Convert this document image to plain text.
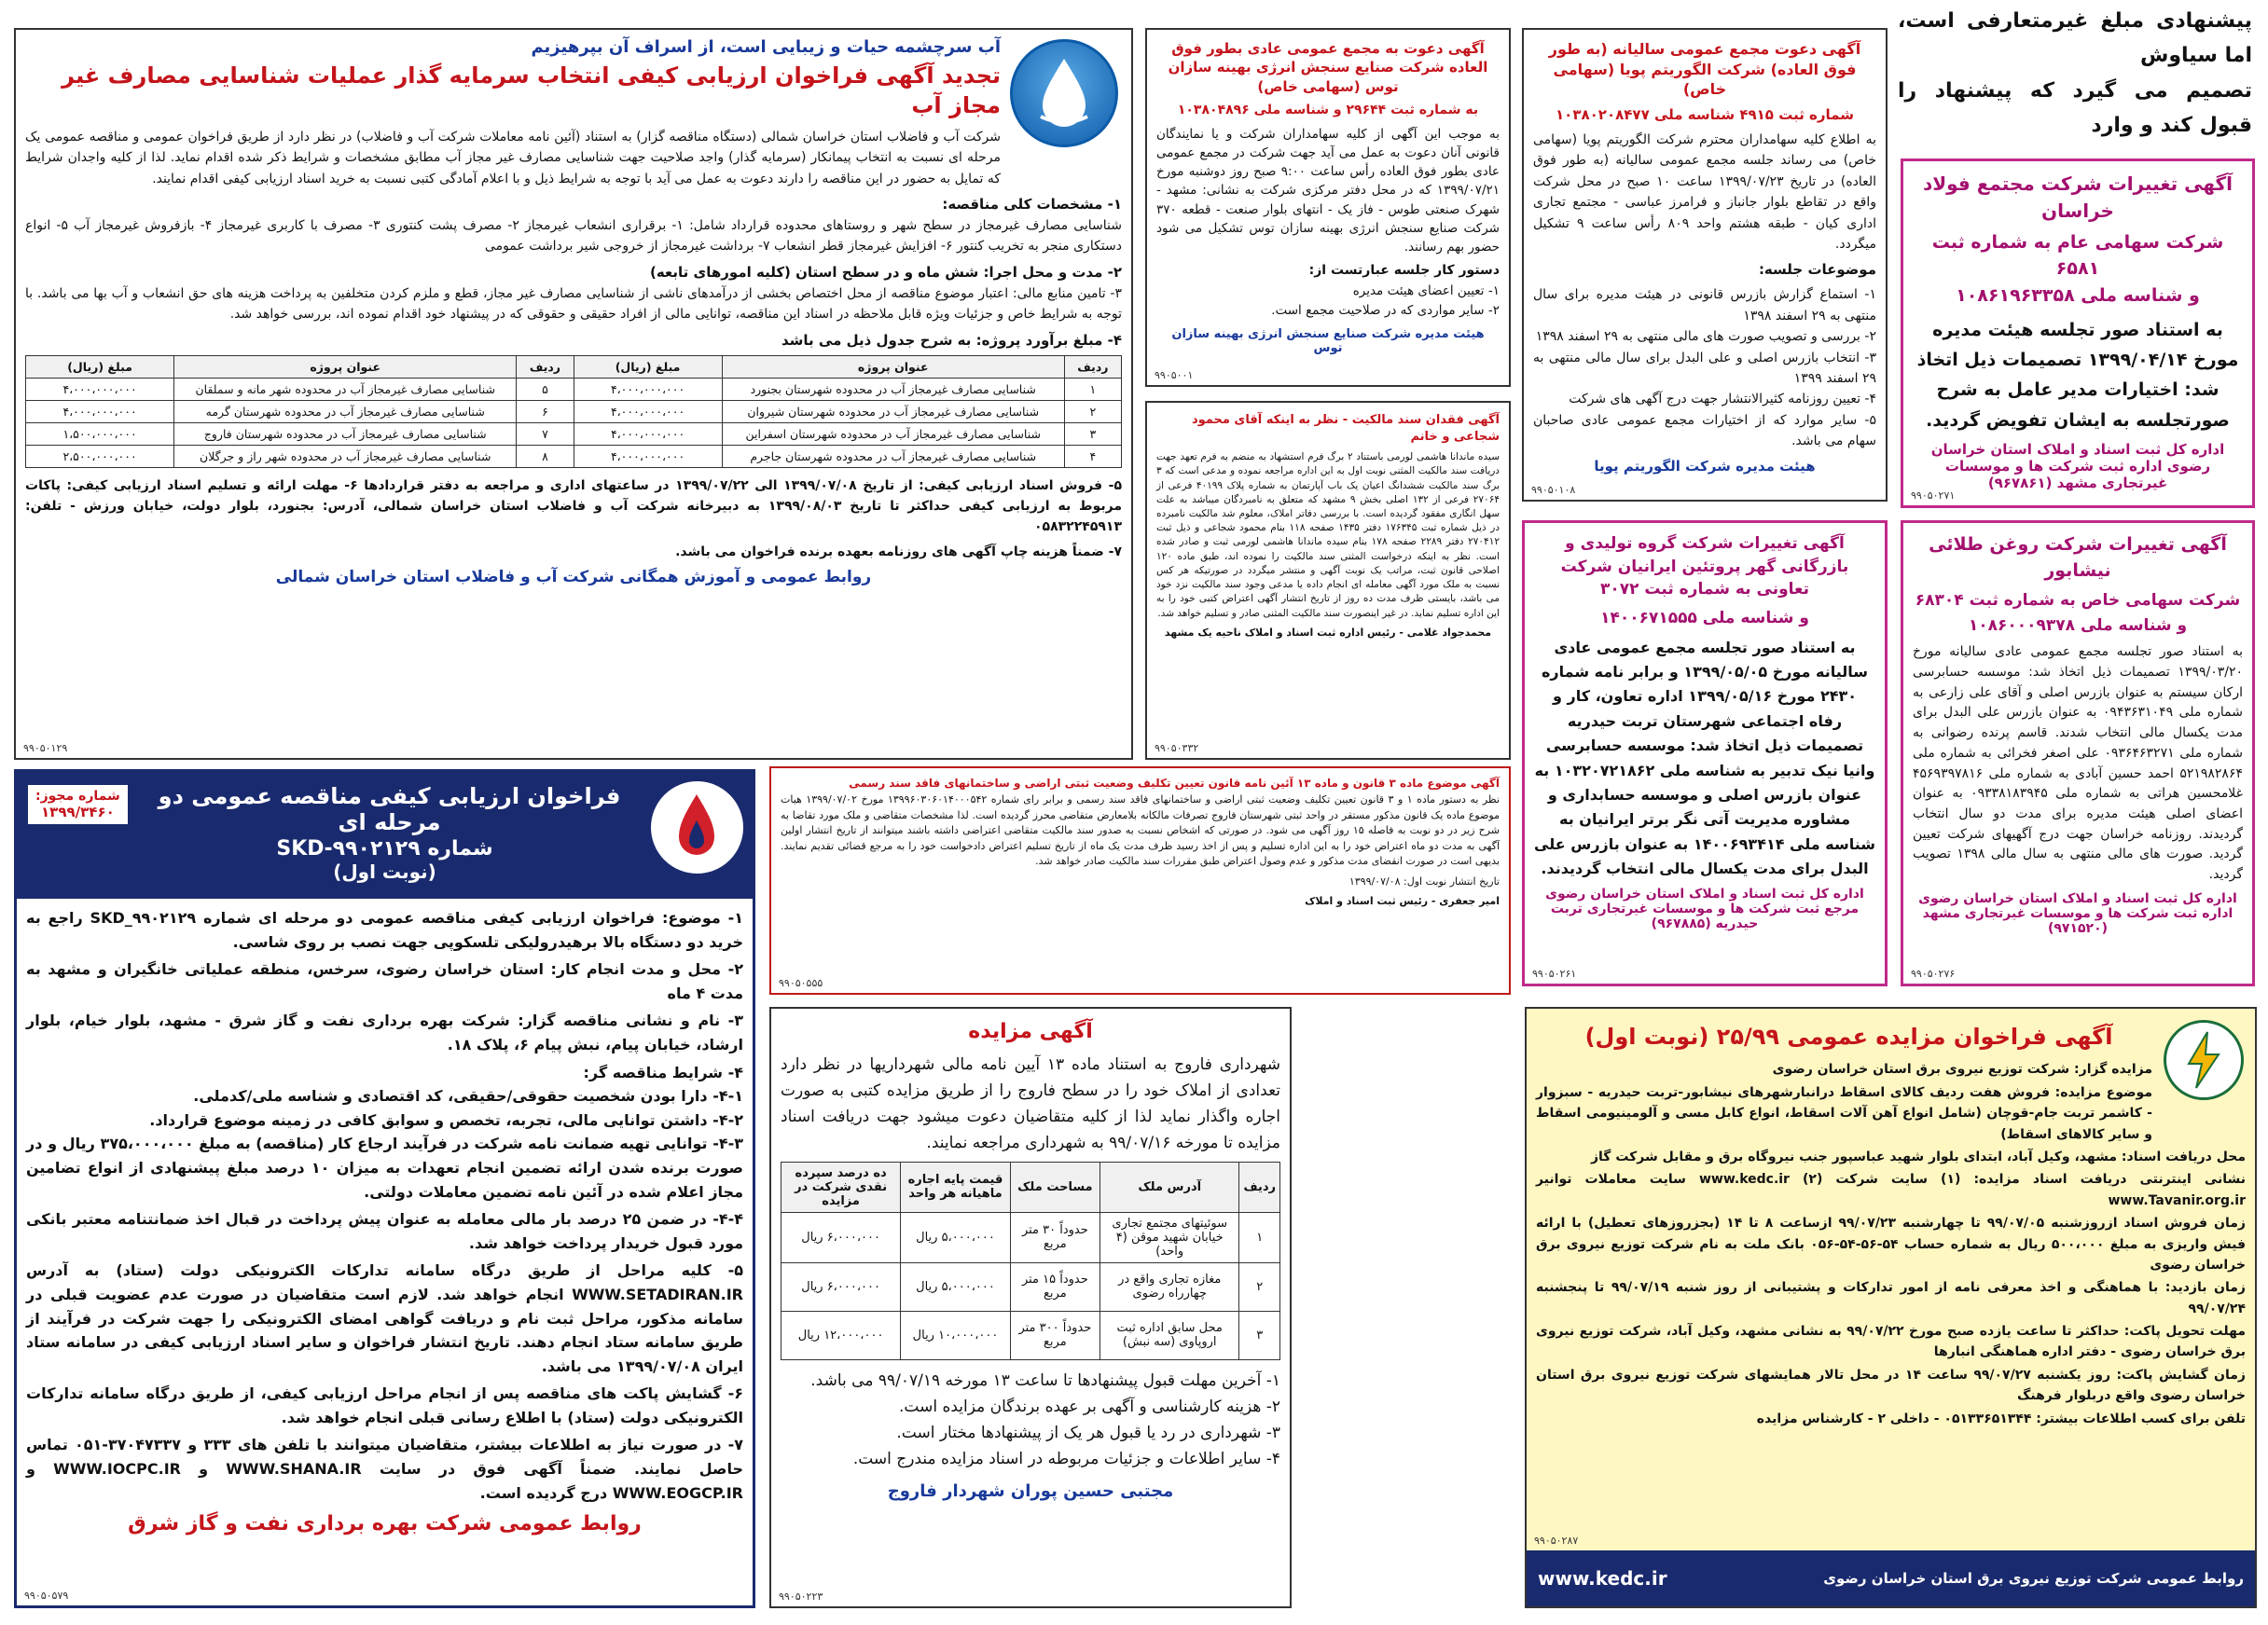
پیشنهادی مبلغ غیرمتعارفی است، اما سیاوش

تصمیم می گیرد که پیشنهاد را قبول کند و وارد

آگهی تغییرات شرکت مجتمع فولاد خراسان
شرکت سهامی عام به شماره ثبت ۶۵۸۱
و شناسه ملی ۱۰۸۶۱۹۶۳۳۵۸

به استناد صور تجلسه هیئت مدیره مورخ ۱۳۹۹/۰۴/۱۴ تصمیمات ذیل اتخاذ شد: اختیارات مدیر عامل به شرح صورتجلسه به ایشان تفویض گردید.

اداره کل ثبت اسناد و املاک استان خراسان رضوی اداره ثبت شرکت ها و موسسات غیرتجاری مشهد (۹۶۷۸۶۱)
۹۹۰۵۰۲۷۱
آگهی تغییرات شرکت روغن طلائی نیشابور
شرکت سهامی خاص به شماره ثبت ۶۸۳۰۴
و شناسه ملی ۱۰۸۶۰۰۰۹۳۷۸

به استناد صور تجلسه مجمع عمومی عادی سالیانه مورخ ۱۳۹۹/۰۳/۲۰ تصمیمات ذیل اتخاذ شد: موسسه حسابرسی ارکان سیستم به عنوان بازرس اصلی و آقای علی زارعی به شماره ملی ۰۹۴۳۶۳۱۰۴۹ به عنوان بازرس علی البدل برای مدت یکسال مالی انتخاب شدند. قاسم پرنده رضوانی به شماره ملی ۰۹۳۶۴۶۳۲۷۱ علی اصغر فخرائی به شماره ملی ۵۲۱۹۸۲۸۶۴ احمد حسین آبادی به شماره ملی ۴۵۶۹۳۹۷۸۱۶ غلامحسین هراتی به شماره ملی ۰۹۳۳۸۱۸۳۹۴۵ به عنوان اعضای اصلی هیئت مدیره برای مدت دو سال انتخاب گردیدند. روزنامه خراسان جهت درج آگهیهای شرکت تعیین گردید. صورت های مالی منتهی به سال مالی ۱۳۹۸ تصویب گردید.

اداره کل ثبت اسناد و املاک استان خراسان رضوی اداره ثبت شرکت ها و موسسات غیرتجاری مشهد (۹۷۱۵۲۰)
۹۹۰۵۰۲۷۶
آگهی دعوت مجمع عمومی سالیانه (به طور فوق العاده) شرکت الگوریتم پویا (سهامی خاص)
شماره ثبت ۴۹۱۵ شناسه ملی ۱۰۳۸۰۲۰۸۴۷۷

به اطلاع کلیه سهامداران محترم شرکت الگوریتم پویا (سهامی خاص) می رساند جلسه مجمع عمومی سالیانه (به طور فوق العاده) در تاریخ ۱۳۹۹/۰۷/۲۳ ساعت ۱۰ صبح در محل شرکت واقع در تقاطع بلوار جانباز و فرامرز عباسی - مجتمع تجاری اداری کیان - طبقه هشتم واحد ۸۰۹ رأس ساعت ۹ تشکیل میگردد.

موضوعات جلسه:

۱- استماع گزارش بازرس قانونی در هیئت مدیره برای سال منتهی به ۲۹ اسفند ۱۳۹۸

۲- بررسی و تصویب صورت های مالی منتهی به ۲۹ اسفند ۱۳۹۸

۳- انتخاب بازرس اصلی و علی البدل برای سال مالی منتهی به ۲۹ اسفند ۱۳۹۹

۴- تعیین روزنامه کثیرالانتشار جهت درج آگهی های شرکت

۵- سایر موارد که از اختیارات مجمع عمومی عادی صاحبان سهام می باشد.

هیئت مدیره شرکت الگوریتم پویا
۹۹۰۵۰۱۰۸
آگهی تغییرات شرکت گروه تولیدی و بازرگانی گهر پروتئین ایرانیان شرکت تعاونی به شماره ثبت ۳۰۷۲
و شناسه ملی ۱۴۰۰۶۷۱۵۵۵

به استناد صور تجلسه مجمع عمومی عادی سالیانه مورخ ۱۳۹۹/۰۵/۰۵ و برابر نامه شماره ۲۴۳۰ مورخ ۱۳۹۹/۰۵/۱۶ اداره تعاون، کار و رفاه اجتماعی شهرستان تربت حیدریه تصمیمات ذیل اتخاذ شد: موسسه حسابرسی وانیا نیک تدبیر به شناسه ملی ۱۰۳۲۰۷۲۱۸۶۲ به عنوان بازرس اصلی و موسسه حسابداری و مشاوره مدیریت آتی نگر برتر ایرانیان به شناسه ملی ۱۴۰۰۶۹۳۴۱۴ به عنوان بازرس علی البدل برای مدت یکسال مالی انتخاب گردیدند.

اداره کل ثبت اسناد و املاک استان خراسان رضوی مرجع ثبت شرکت ها و موسسات غیرتجاری تربت حیدریه (۹۶۷۸۸۵)
۹۹۰۵۰۲۶۱
آگهی دعوت به مجمع عمومی عادی بطور فوق العاده شرکت صنایع سنجش انرژی بهینه سازان توس (سهامی خاص)
به شماره ثبت ۲۹۶۴۴ و شناسه ملی ۱۰۳۸۰۴۸۹۶

به موجب این آگهی از کلیه سهامداران شرکت و یا نمایندگان قانونی آنان دعوت به عمل می آید جهت شرکت در مجمع عمومی عادی بطور فوق العاده رأس ساعت ۹:۰۰ صبح روز دوشنبه مورخ ۱۳۹۹/۰۷/۲۱ که در محل دفتر مرکزی شرکت به نشانی: مشهد - شهرک صنعتی طوس - فاز یک - انتهای بلوار صنعت - قطعه ۳۷۰ شرکت صنایع سنجش انرژی بهینه سازان توس تشکیل می شود حضور بهم رسانند.

دستور کار جلسه عبارتست از:

۱- تعیین اعضای هیئت مدیره

۲- سایر مواردی که در صلاحیت مجمع است.

هیئت مدیره شرکت صنایع سنجش انرژی بهینه سازان توس
۹۹۰۵۰۰۱
آگهی فقدان سند مالکیت - نظر به اینکه آقای محمود شجاعی و خانم

سیده ماندانا هاشمی لورمی باستناد ۲ برگ فرم استشهاد به منضم به فرم تعهد جهت دریافت سند مالکیت المثنی نوبت اول به این اداره مراجعه نموده و مدعی است که ۳ برگ سند مالکیت ششدانگ اعیان یک باب آپارتمان به شماره پلاک ۴۰۱۹۹ فرعی از ۲۷۰۶۴ فرعی از ۱۳۲ اصلی بخش ۹ مشهد که متعلق به نامبردگان میباشد به علت سهل انگاری مفقود گردیده است. با بررسی دفاتر املاک، معلوم شد مالکیت نامبرده در ذیل شماره ثبت ۱۷۶۳۴۵ دفتر ۱۴۳۵ صفحه ۱۱۸ بنام محمود شجاعی و ذیل ثبت ۲۷۰۴۱۲ دفتر ۲۲۸۹ صفحه ۱۷۸ بنام سیده ماندانا هاشمی لورمی ثبت و صادر شده است. نظر به اینکه درخواست المثنی سند مالکیت را نموده اند، طبق ماده ۱۲۰ اصلاحی قانون ثبت، مراتب یک نوبت آگهی و منتشر میگردد در صورتیکه هر کس نسبت به ملک مورد آگهی معامله ای انجام داده یا مدعی وجود سند مالکیت نزد خود می باشد، بایستی ظرف مدت ده روز از تاریخ انتشار آگهی اعتراض کتبی خود را به این اداره تسلیم نماید. در غیر اینصورت سند مالکیت المثنی صادر و تسلیم خواهد شد.

محمدجواد غلامی - رئیس اداره ثبت اسناد و املاک ناحیه یک مشهد
۹۹۰۵۰۳۳۲
آگهی موضوع ماده ۳ قانون و ماده ۱۳ آئین نامه قانون تعیین تکلیف وضعیت ثبتی اراضی و ساختمانهای فاقد سند رسمی

نظر به دستور ماده ۱ و ۳ قانون تعیین تکلیف وضعیت ثبتی اراضی و ساختمانهای فاقد سند رسمی و برابر رای شماره ۱۳۹۹۶۰۳۰۶۰۱۴۰۰۰۵۴۲ مورخ ۱۳۹۹/۰۷/۰۲ هیات موضوع ماده یک قانون مذکور مستقر در واحد ثبتی شهرستان فاروج تصرفات مالکانه بلامعارض متقاضی محرز گردیده است. لذا مشخصات متقاضی و ملک مورد تقاضا به شرح زیر در دو نوبت به فاصله ۱۵ روز آگهی می شود. در صورتی که اشخاص نسبت به صدور سند مالکیت متقاضی اعتراضی داشته باشند میتوانند از تاریخ انتشار اولین آگهی به مدت دو ماه اعتراض خود را به این اداره تسلیم و پس از اخذ رسید ظرف مدت یک ماه از تاریخ تسلیم اعتراض دادخواست خود را به مرجع قضائی تقدیم نمایند. بدیهی است در صورت انقضای مدت مذکور و عدم وصول اعتراض طبق مقررات سند مالکیت صادر خواهد شد.

تاریخ انتشار نوبت اول: ۱۳۹۹/۰۷/۰۸

امیر جعفری - رئیس ثبت اسناد و املاک
۹۹۰۵۰۵۵۵
آب سرچشمه حیات و زیبایی است، از اسراف آن بپرهیزیم
تجدید آگهی فراخوان ارزیابی کیفی انتخاب سرمایه گذار عملیات شناسایی مصارف غیر مجاز آب

شرکت آب و فاضلاب استان خراسان شمالی (دستگاه مناقصه گزار) به استناد (آئین نامه معاملات شرکت آب و فاضلاب) در نظر دارد از طریق فراخوان عمومی و مناقصه عمومی یک مرحله ای نسبت به انتخاب پیمانکار (سرمایه گذار) واجد صلاحیت جهت شناسایی مصارف غیر مجاز آب مطابق مشخصات و شرایط ذکر شده اقدام نماید. لذا از کلیه واجدان شرایط که تمایل به حضور در این مناقصه را دارند دعوت به عمل می آید با توجه به شرایط ذیل و با اعلام آمادگی کتبی نسبت به خرید اسناد ارزیابی کیفی اقدام نمایند.

۱- مشخصات کلی مناقصه:

شناسایی مصارف غیرمجاز در سطح شهر و روستاهای محدوده قرارداد شامل: ۱- برقراری انشعاب غیرمجاز ۲- مصرف پشت کنتوری ۳- مصرف با کاربری غیرمجاز ۴- بازفروش غیرمجاز آب ۵- انواع دستکاری منجر به تخریب کنتور ۶- افزایش غیرمجاز قطر انشعاب ۷- برداشت غیرمجاز از خروجی شیر برداشت عمومی

۲- مدت و محل اجرا: شش ماه و در سطح استان (کلیه امورهای تابعه)

۳- تامین منابع مالی: اعتبار موضوع مناقصه از محل اختصاص بخشی از درآمدهای ناشی از شناسایی مصارف غیر مجاز، قطع و ملزم کردن متخلفین به پرداخت هزینه های حق انشعاب و آب بها می باشد. با توجه به شرایط خاص و جزئیات ویژه قابل ملاحظه در اسناد این مناقصه، توانایی مالی از افراد حقیقی و حقوقی که در پیشنهاد خود اقدام نموده اند، بررسی خواهد شد.

۴- مبلغ برآورد پروژه: به شرح جدول ذیل می باشد

ردیف	عنوان پروژه	مبلغ (ریال)	ردیف	عنوان پروژه	مبلغ (ریال)
۱	شناسایی مصارف غیرمجاز آب در محدوده شهرستان بجنورد	۴،۰۰۰،۰۰۰،۰۰۰	۵	شناسایی مصارف غیرمجاز آب در محدوده شهر مانه و سملقان	۴،۰۰۰،۰۰۰،۰۰۰
۲	شناسایی مصارف غیرمجاز آب در محدوده شهرستان شیروان	۴،۰۰۰،۰۰۰،۰۰۰	۶	شناسایی مصارف غیرمجاز آب در محدوده شهرستان گرمه	۴،۰۰۰،۰۰۰،۰۰۰
۳	شناسایی مصارف غیرمجاز آب در محدوده شهرستان اسفراین	۴،۰۰۰،۰۰۰،۰۰۰	۷	شناسایی مصارف غیرمجاز آب در محدوده شهرستان فاروج	۱،۵۰۰،۰۰۰،۰۰۰
۴	شناسایی مصارف غیرمجاز آب در محدوده شهرستان جاجرم	۴،۰۰۰،۰۰۰،۰۰۰	۸	شناسایی مصارف غیرمجاز آب در محدوده شهر راز و جرگلان	۲،۵۰۰،۰۰۰،۰۰۰

۵- فروش اسناد ارزیابی کیفی: از تاریخ ۱۳۹۹/۰۷/۰۸ الی ۱۳۹۹/۰۷/۲۲ در ساعتهای اداری و مراجعه به دفتر قراردادها ۶- مهلت ارائه و تسلیم اسناد ارزیابی کیفی: پاکات مربوط به ارزیابی کیفی حداکثر تا تاریخ ۱۳۹۹/۰۸/۰۳ به دبیرخانه شرکت آب و فاضلاب استان خراسان شمالی، آدرس: بجنورد، بلوار دولت، خیابان ورزش - تلفن: ۰۵۸۳۲۲۴۵۹۱۳

۷- ضمناً هزینه چاپ آگهی های روزنامه بعهده برنده فراخوان می باشد.

روابط عمومی و آموزش همگانی شرکت آب و فاضلاب استان خراسان شمالی
۹۹۰۵۰۱۲۹
فراخوان ارزیابی کیفی مناقصه عمومی دو مرحله ای
شماره ۹۹۰۲۱۲۹-SKD
(نوبت اول)
شماره مجوز:
۱۳۹۹/۳۴۶۰

۱- موضوع: فراخوان ارزیابی کیفی مناقصه عمومی دو مرحله ای شماره SKD_۹۹۰۲۱۲۹ راجع به خرید دو دستگاه بالا برهیدرولیکی تلسکوپی جهت نصب بر روی شاسی.

۲- محل و مدت انجام کار: استان خراسان رضوی، سرخس، منطقه عملیاتی خانگیران و مشهد به مدت ۴ ماه

۳- نام و نشانی مناقصه گزار: شرکت بهره برداری نفت و گاز شرق - مشهد، بلوار خیام، بلوار ارشاد، خیابان پیام، نبش پیام ۶، پلاک ۱۸.

۴- شرایط مناقصه گر:

۴-۱- دارا بودن شخصیت حقوقی/حقیقی، کد اقتصادی و شناسه ملی/کدملی.

۴-۲- داشتن توانایی مالی، تجربه، تخصص و سوابق کافی در زمینه موضوع قرارداد.

۴-۳- توانایی تهیه ضمانت نامه شرکت در فرآیند ارجاع کار (مناقصه) به مبلغ ۳۷۵،۰۰۰،۰۰۰ ریال و در صورت برنده شدن ارائه تضمین انجام تعهدات به میزان ۱۰ درصد مبلغ پیشنهادی از انواع تضامین مجاز اعلام شده در آئین نامه تضمین معاملات دولتی.

۴-۴- در ضمن ۲۵ درصد بار مالی معامله به عنوان پیش پرداخت در قبال اخذ ضمانتنامه معتبر بانکی مورد قبول خریدار پرداخت خواهد شد.

۵- کلیه مراحل از طریق درگاه سامانه تدارکات الکترونیکی دولت (ستاد) به آدرس WWW.SETADIRAN.IR انجام خواهد شد. لازم است متقاضیان در صورت عدم عضویت قبلی در سامانه مذکور، مراحل ثبت نام و دریافت گواهی امضای الکترونیکی را جهت شرکت در فرآیند از طریق سامانه ستاد انجام دهند. تاریخ انتشار فراخوان و سایر اسناد ارزیابی کیفی در سامانه ستاد ایران ۱۳۹۹/۰۷/۰۸ می باشد.

۶- گشایش پاکت های مناقصه پس از انجام مراحل ارزیابی کیفی، از طریق درگاه سامانه تدارکات الکترونیکی دولت (ستاد) با اطلاع رسانی قبلی انجام خواهد شد.

۷- در صورت نیاز به اطلاعات بیشتر، متقاضیان میتوانند با تلفن های ۳۳۳ و ۳۷۰۴۷۳۳۷-۰۵۱ تماس حاصل نمایند. ضمناً آگهی فوق در سایت WWW.SHANA.IR و WWW.IOCPC.IR و WWW.EOGCP.IR درج گردیده است.

روابط عمومی شرکت بهره برداری نفت و گاز شرق
۹۹۰۵۰۵۷۹
آگهی مزایده

شهرداری فاروج به استناد ماده ۱۳ آیین نامه مالی شهرداریها در نظر دارد تعدادی از املاک خود را در سطح فاروج را از طریق مزایده کتبی به صورت اجاره واگذار نماید لذا از کلیه متقاضیان دعوت میشود جهت دریافت اسناد مزایده تا مورخه ۹۹/۰۷/۱۶ به شهرداری مراجعه نمایند.

ردیف	آدرس ملک	مساحت ملک	قیمت پایه اجاره ماهیانه هر واحد	ده درصد سپرده نقدی شرکت در مزایده
۱	سوئیتهای مجتمع تجاری خیابان شهید موقن (۴ واحد)	حدوداً ۳۰ متر مربع	۵،۰۰۰،۰۰۰ ریال	۶،۰۰۰،۰۰۰ ریال
۲	مغازه تجاری واقع در چهارراه رضوی	حدوداً ۱۵ متر مربع	۵،۰۰۰،۰۰۰ ریال	۶،۰۰۰،۰۰۰ ریال
۳	محل سابق اداره ثبت اروپاوی (سه نبش)	حدوداً ۳۰۰ متر مربع	۱۰،۰۰۰،۰۰۰ ریال	۱۲،۰۰۰،۰۰۰ ریال

۱- آخرین مهلت قبول پیشنهادها تا ساعت ۱۳ مورخه ۹۹/۰۷/۱۹ می باشد.

۲- هزینه کارشناسی و آگهی بر عهده برندگان مزایده است.

۳- شهرداری در رد یا قبول هر یک از پیشنهادها مختار است.

۴- سایر اطلاعات و جزئیات مربوطه در اسناد مزایده مندرج است.

مجتبی حسین پوران شهردار فاروج
۹۹۰۵۰۲۲۳
آگهی فراخوان مزایده عمومی ۲۵/۹۹ (نوبت اول)

مزایده گزار: شرکت توزیع نیروی برق استان خراسان رضوی

موضوع مزایده: فروش هفت ردیف کالای اسقاط درانبارشهرهای نیشابور-تربت حیدریه - سبزوار - کاشمر تربت جام-قوچان (شامل انواع آهن آلات اسقاط، انواع کابل مسی و آلومینیومی اسقاط و سایر کالاهای اسقاط)

محل دریافت اسناد: مشهد، وکیل آباد، ابتدای بلوار شهید عباسپور جنب نیروگاه برق و مقابل شرکت گاز

نشانی اینترنتی دریافت اسناد مزایده: (۱) سایت شرکت www.kedc.ir (۲) سایت معاملات توانیر www.Tavanir.org.ir

زمان فروش اسناد ازروزشنبه ۹۹/۰۷/۰۵ تا چهارشنبه ۹۹/۰۷/۲۳ ازساعت ۸ تا ۱۴ (بجزروزهای تعطیل) با ارائه فیش واریزی به مبلغ ۵۰۰،۰۰۰ ریال به شماره حساب ۵۴-۵۶-۵۴-۰۵۶ بانک ملت به نام شرکت توزیع نیروی برق خراسان رضوی

زمان بازدید: با هماهنگی و اخذ معرفی نامه از امور تدارکات و پشتیبانی از روز شنبه ۹۹/۰۷/۱۹ تا پنجشنبه ۹۹/۰۷/۲۴

مهلت تحویل پاکت: حداکثر تا ساعت یازده صبح مورخ ۹۹/۰۷/۲۲ به نشانی مشهد، وکیل آباد، شرکت توزیع نیروی برق خراسان رضوی - دفتر اداره هماهنگی انبارها

زمان گشایش پاکت: روز یکشنبه ۹۹/۰۷/۲۷ ساعت ۱۴ در محل تالار همایشهای شرکت توزیع نیروی برق استان خراسان رضوی واقع دربلوار فرهنگ

تلفن برای کسب اطلاعات بیشتر: ۰۵۱۳۳۶۵۱۳۴۴ - داخلی ۲ - کارشناس مزایده

روابط عمومی شرکت توزیع نیروی برق استان خراسان رضوی
www.kedc.ir
۹۹۰۵۰۲۸۷
